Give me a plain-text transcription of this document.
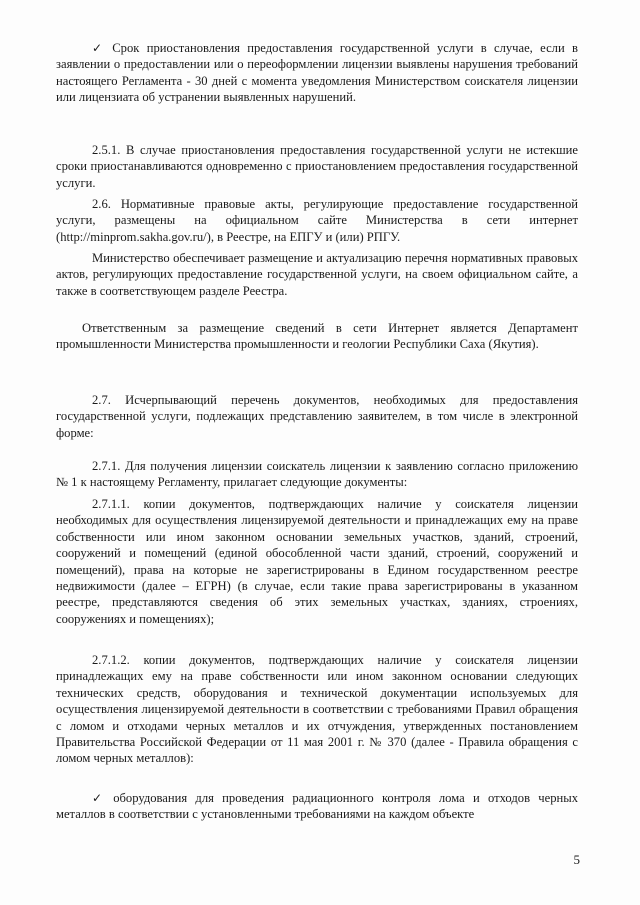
✓ Срок приостановления предоставления государственной услуги в случае, если в заявлении о предоставлении или о переоформлении лицензии выявлены нарушения требований настоящего Регламента - 30 дней с момента уведомления Министерством соискателя лицензии или лицензиата об устранении выявленных нарушений.

2.5.1. В случае приостановления предоставления государственной услуги не истекшие сроки приостанавливаются одновременно с приостановлением предоставления государственной услуги.

2.6. Нормативные правовые акты, регулирующие предоставление государственной услуги, размещены на официальном сайте Министерства в сети интернет (http://minprom.sakha.gov.ru/), в Реестре, на ЕПГУ и (или) РПГУ.

Министерство обеспечивает размещение и актуализацию перечня нормативных правовых актов, регулирующих предоставление государственной услуги, на своем официальном сайте, а также в соответствующем разделе Реестра.

Ответственным за размещение сведений в сети Интернет является Департамент промышленности Министерства промышленности и геологии Республики Саха (Якутия).

2.7. Исчерпывающий перечень документов, необходимых для предоставления государственной услуги, подлежащих представлению заявителем, в том числе в электронной форме:

2.7.1. Для получения лицензии соискатель лицензии к заявлению согласно приложению № 1 к настоящему Регламенту, прилагает следующие документы:

2.7.1.1. копии документов, подтверждающих наличие у соискателя лицензии необходимых для осуществления лицензируемой деятельности и принадлежащих ему на праве собственности или ином законном основании земельных участков, зданий, строений, сооружений и помещений (единой обособленной части зданий, строений, сооружений и помещений), права на которые не зарегистрированы в Едином государственном реестре недвижимости (далее – ЕГРН) (в случае, если такие права зарегистрированы в указанном реестре, представляются сведения об этих земельных участках, зданиях, строениях, сооружениях и помещениях);

2.7.1.2. копии документов, подтверждающих наличие у соискателя лицензии принадлежащих ему на праве собственности или ином законном основании следующих технических средств, оборудования и технической документации используемых для осуществления лицензируемой деятельности в соответствии с требованиями Правил обращения с ломом и отходами черных металлов и их отчуждения, утвержденных постановлением Правительства Российской Федерации от 11 мая 2001 г. № 370 (далее - Правила обращения с ломом черных металлов):

✓ оборудования для проведения радиационного контроля лома и отходов черных металлов в соответствии с установленными требованиями на каждом объекте

5
